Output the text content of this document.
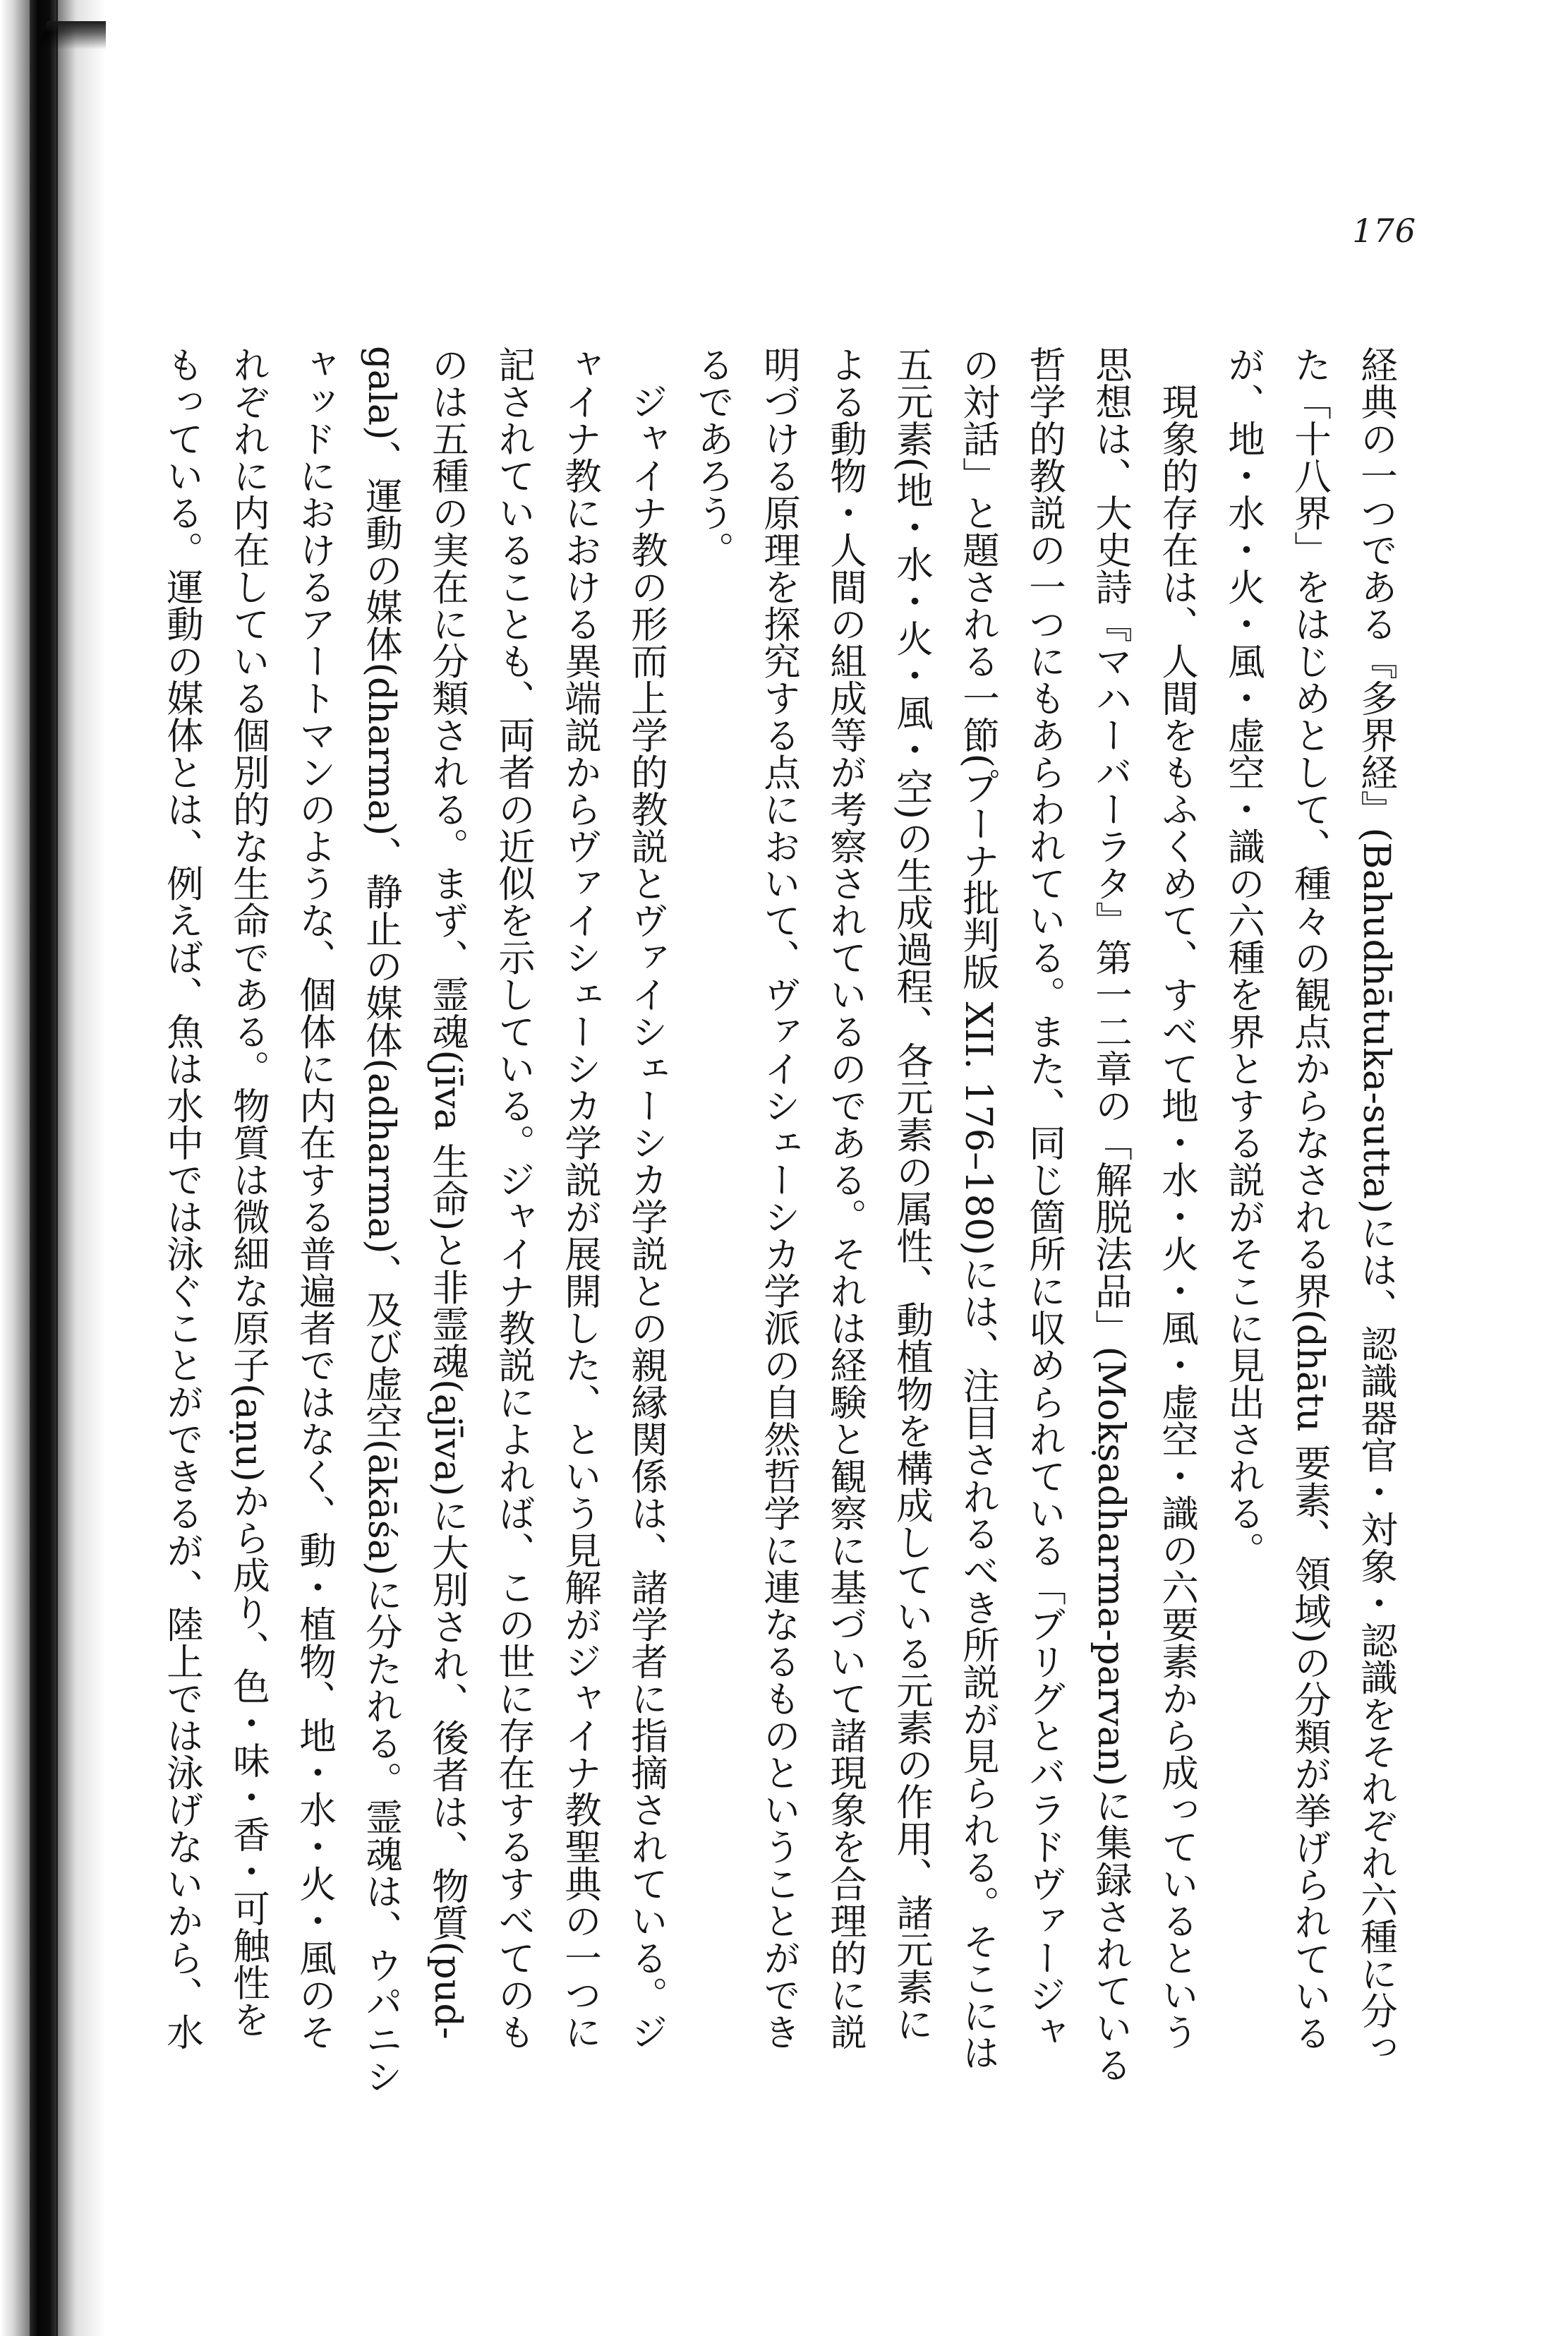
176
経典の一つである『多界経』(Bahudhātuka-sutta)には、認識器官・対象・認識をそれぞれ六種に分っ
た「十八界」をはじめとして、種々の観点からなされる界(dhātu 要素、領域)の分類が挙げられている
が、地・水・火・風・虚空・識の六種を界とする説がそこに見出される。
　現象的存在は、人間をもふくめて、すべて地・水・火・風・虚空・識の六要素から成っているという
思想は、大史詩『マハーバーラタ』第一二章の「解脱法品」(Mokṣadharma-parvan)に集録されている
哲学的教説の一つにもあらわれている。また、同じ箇所に収められている「ブリグとバラドヴァージャ
の対話」と題される一節(プーナ批判版 XII. 176–180)には、注目されるべき所説が見られる。そこには
五元素(地・水・火・風・空)の生成過程、各元素の属性、動植物を構成している元素の作用、諸元素に
よる動物・人間の組成等が考察されているのである。それは経験と観察に基づいて諸現象を合理的に説
明づける原理を探究する点において、ヴァイシェーシカ学派の自然哲学に連なるものということができ
るであろう。
　ジャイナ教の形而上学的教説とヴァイシェーシカ学説との親縁関係は、諸学者に指摘されている。ジ
ャイナ教における異端説からヴァイシェーシカ学説が展開した、という見解がジャイナ教聖典の一つに
記されていることも、両者の近似を示している。ジャイナ教説によれば、この世に存在するすべてのも
のは五種の実在に分類される。まず、霊魂(jīva 生命)と非霊魂(ajīva)に大別され、後者は、物質(pud-
gala)、運動の媒体(dharma)、静止の媒体(adharma)、及び虚空(ākāśa)に分たれる。霊魂は、ウパニシ
ャッドにおけるアートマンのような、個体に内在する普遍者ではなく、動・植物、地・水・火・風のそ
れぞれに内在している個別的な生命である。物質は微細な原子(aṇu)から成り、色・味・香・可触性を
もっている。運動の媒体とは、例えば、魚は水中では泳ぐことができるが、陸上では泳げないから、水
